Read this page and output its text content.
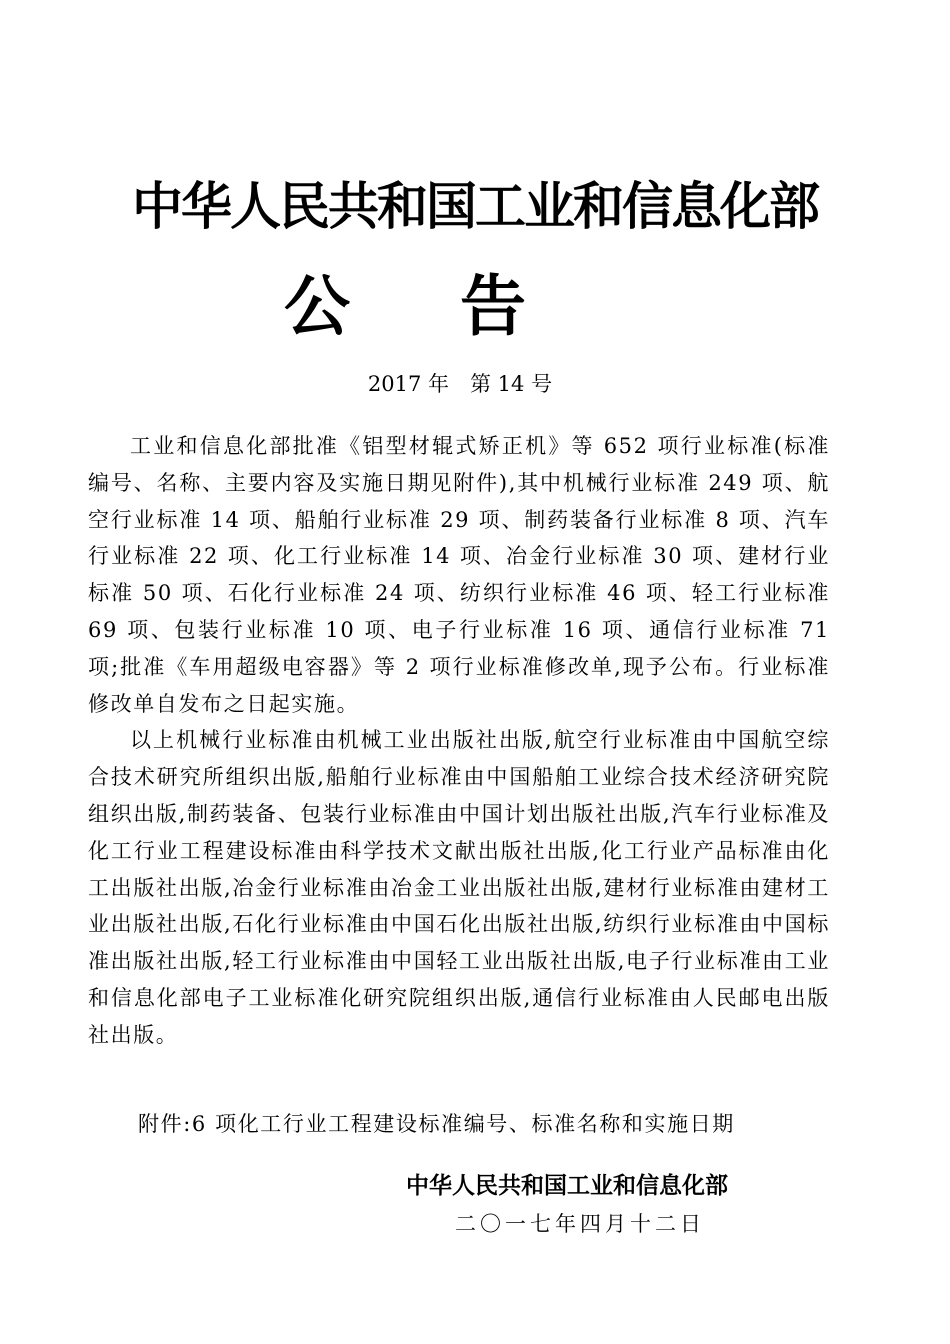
中华人民共和国工业和信息化部
公告
2017 年　第 14 号

工业和信息化部批准《铝型材辊式矫正机》等 652 项行业标准(标准编号、名称、主要内容及实施日期见附件),其中机械行业标准 249 项、航空行业标准 14 项、船舶行业标准 29 项、制药装备行业标准 8 项、汽车行业标准 22 项、化工行业标准 14 项、冶金行业标准 30 项、建材行业标准 50 项、石化行业标准 24 项、纺织行业标准 46 项、轻工行业标准 69 项、包装行业标准 10 项、电子行业标准 16 项、通信行业标准 71 项;批准《车用超级电容器》等 2 项行业标准修改单,现予公布。行业标准修改单自发布之日起实施。

以上机械行业标准由机械工业出版社出版,航空行业标准由中国航空综合技术研究所组织出版,船舶行业标准由中国船舶工业综合技术经济研究院组织出版,制药装备、包装行业标准由中国计划出版社出版,汽车行业标准及化工行业工程建设标准由科学技术文献出版社出版,化工行业产品标准由化工出版社出版,冶金行业标准由冶金工业出版社出版,建材行业标准由建材工业出版社出版,石化行业标准由中国石化出版社出版,纺织行业标准由中国标准出版社出版,轻工行业标准由中国轻工业出版社出版,电子行业标准由工业和信息化部电子工业标准化研究院组织出版,通信行业标准由人民邮电出版社出版。

附件:6 项化工行业工程建设标准编号、标准名称和实施日期
中华人民共和国工业和信息化部
二〇一七年四月十二日
